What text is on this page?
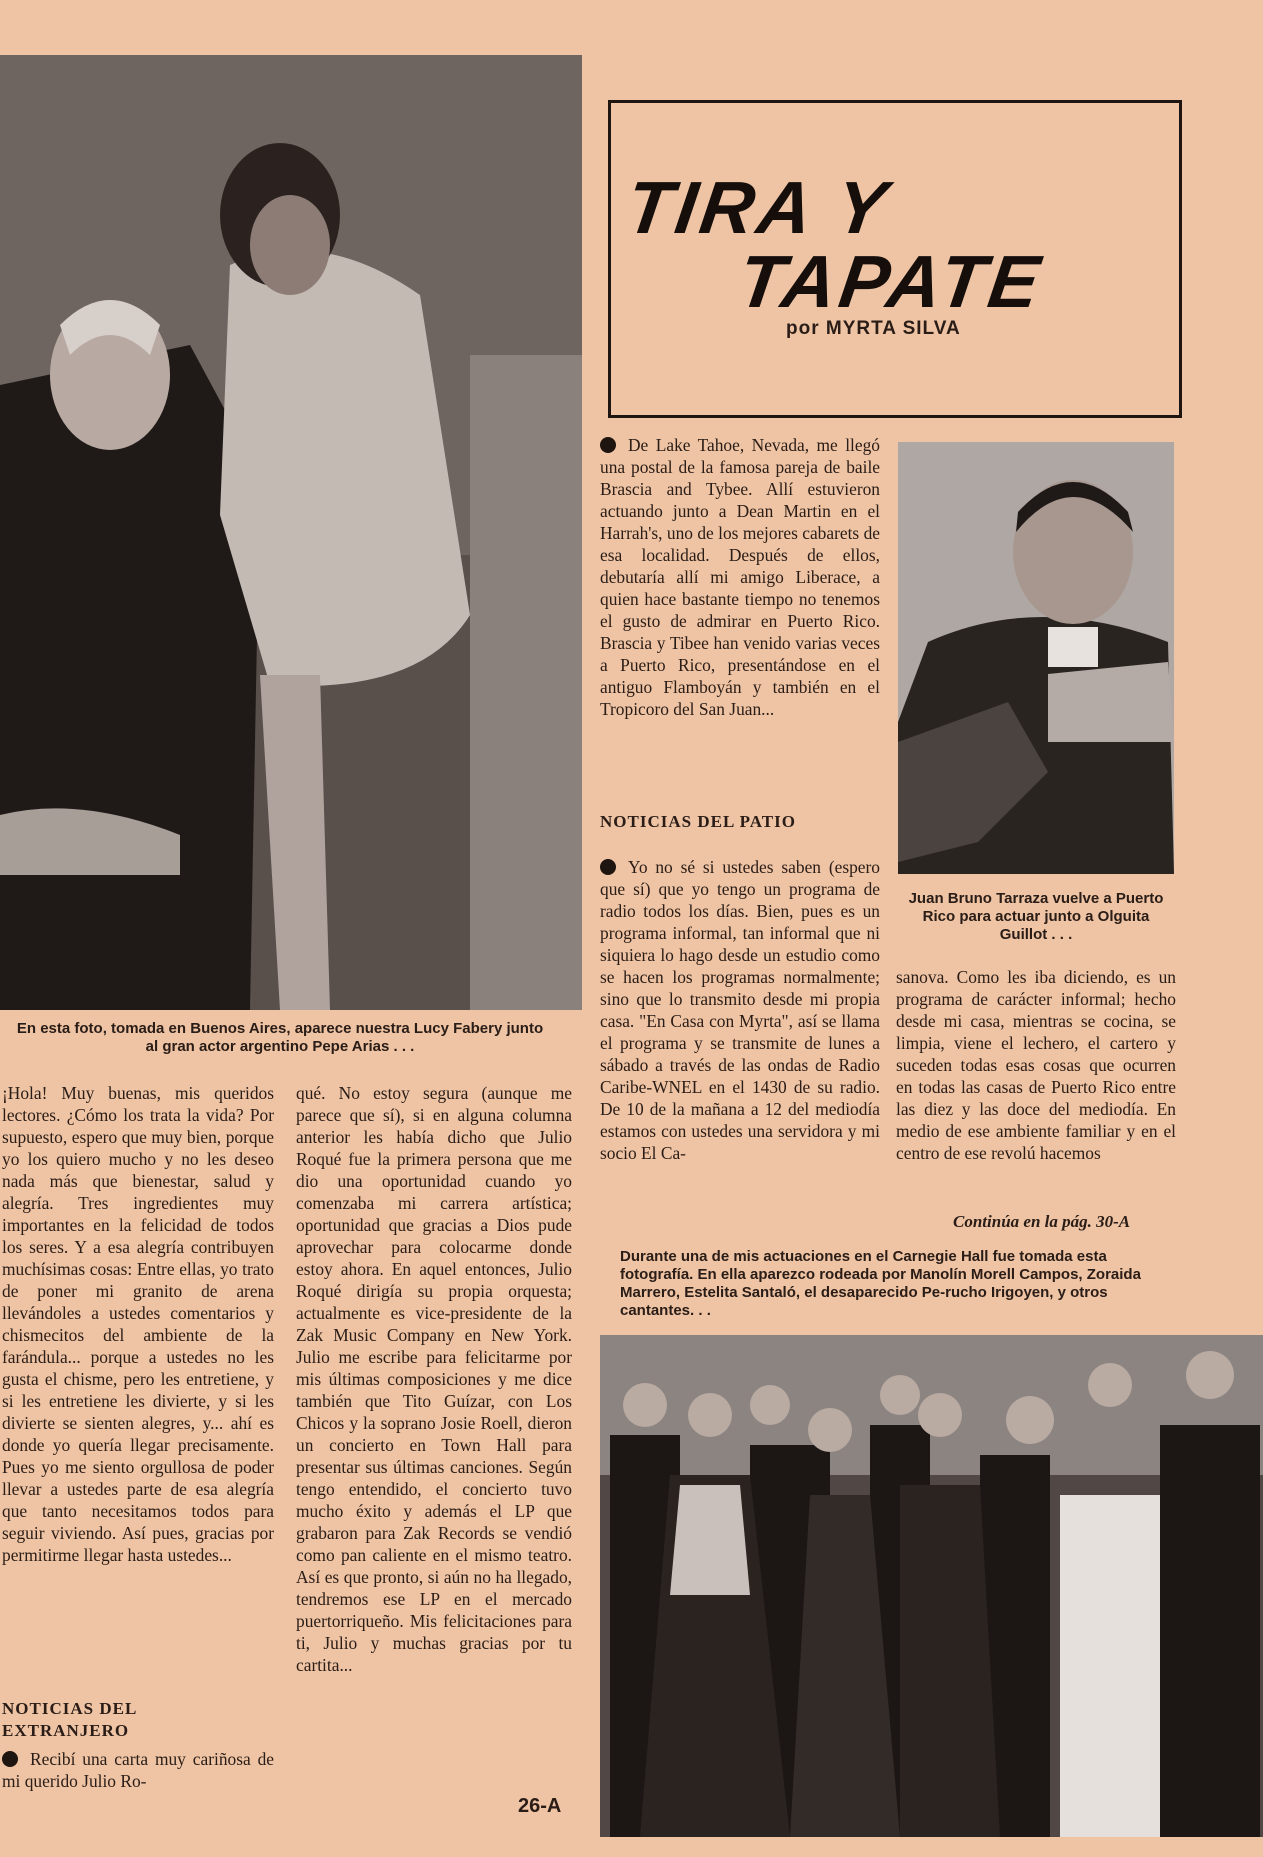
En esta foto, tomada en Buenos Aires, aparece nuestra Lucy Fabery junto al gran actor argentino Pepe Arias . . .
TIRA Y
TAPATE
por MYRTA SILVA
Juan Bruno Tarraza vuelve a Puerto Rico para actuar junto a Olguita Guillot . . .

De Lake Tahoe, Nevada, me llegó una postal de la famosa pareja de baile Brascia and Tybee. Allí estuvieron actuando junto a Dean Martin en el Harrah's, uno de los mejores cabarets de esa localidad. Después de ellos, debutaría allí mi amigo Liberace, a quien hace bastante tiempo no tenemos el gusto de admirar en Puerto Rico. Brascia y Tibee han venido varias veces a Puerto Rico, presentándose en el antiguo Flamboyán y también en el Tropicoro del San Juan...

NOTICIAS DEL PATIO

Yo no sé si ustedes saben (espero que sí) que yo tengo un programa de radio todos los días. Bien, pues es un programa informal, tan informal que ni siquiera lo hago desde un estudio como se hacen los programas normalmente; sino que lo transmito desde mi propia casa. "En Casa con Myrta", así se llama el programa y se transmite de lunes a sábado a través de las ondas de Radio Caribe-WNEL en el 1430 de su radio. De 10 de la mañana a 12 del mediodía estamos con ustedes una servidora y mi socio El Ca-

sanova. Como les iba diciendo, es un programa de carácter informal; hecho desde mi casa, mientras se cocina, se limpia, viene el lechero, el cartero y suceden todas esas cosas que ocurren en todas las casas de Puerto Rico entre las diez y las doce del mediodía. En medio de ese ambiente familiar y en el centro de ese revolú hacemos
Continúa en la pág. 30-A
Durante una de mis actuaciones en el Carnegie Hall fue tomada esta fotografía. En ella aparezco rodeada por Manolín Morell Campos, Zoraida Marrero, Estelita Santaló, el desaparecido Pe-rucho Irigoyen, y otros cantantes. . .
¡Hola! Muy buenas, mis queridos lectores. ¿Cómo los trata la vida? Por supuesto, espero que muy bien, porque yo los quiero mucho y no les deseo nada más que bienestar, salud y alegría. Tres ingredientes muy importantes en la felicidad de todos los seres. Y a esa alegría contribuyen muchísimas cosas: Entre ellas, yo trato de poner mi granito de arena llevándoles a ustedes comentarios y chismecitos del ambiente de la farándula... porque a ustedes no les gusta el chisme, pero les entretiene, y si les entretiene les divierte, y si les divierte se sienten alegres, y... ahí es donde yo quería llegar precisamente. Pues yo me siento orgullosa de poder llevar a ustedes parte de esa alegría que tanto necesitamos todos para seguir viviendo. Así pues, gracias por permitirme llegar hasta ustedes...
NOTICIAS DEL EXTRANJERO

Recibí una carta muy cariñosa de mi querido Julio Ro-

qué. No estoy segura (aunque me parece que sí), si en alguna columna anterior les había dicho que Julio Roqué fue la primera persona que me dio una oportunidad cuando yo comenzaba mi carrera artística; oportunidad que gracias a Dios pude aprovechar para colocarme donde estoy ahora. En aquel entonces, Julio Roqué dirigía su propia orquesta; actualmente es vice-presidente de la Zak Music Company en New York. Julio me escribe para felicitarme por mis últimas composiciones y me dice también que Tito Guízar, con Los Chicos y la soprano Josie Roell, dieron un concierto en Town Hall para presentar sus últimas canciones. Según tengo entendido, el concierto tuvo mucho éxito y además el LP que grabaron para Zak Records se vendió como pan caliente en el mismo teatro. Así es que pronto, si aún no ha llegado, tendremos ese LP en el mercado puertorriqueño. Mis felicitaciones para ti, Julio y muchas gracias por tu cartita...
26-A
